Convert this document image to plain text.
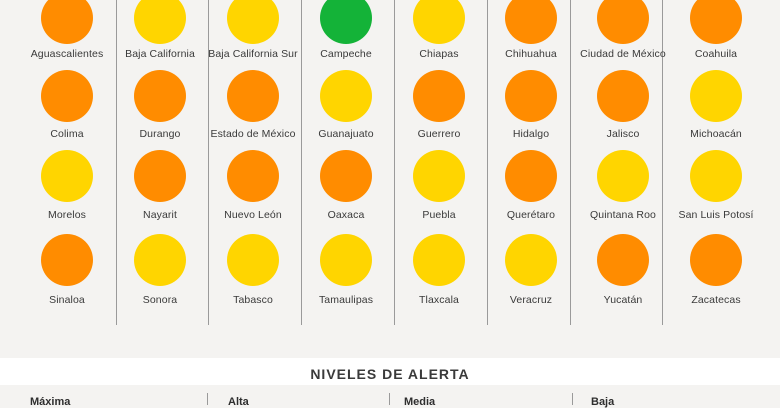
Aguascalientes	Baja California	Baja California Sur	Campeche	Chiapas	Chihuahua	Ciudad de México	Coahuila
Colima	Durango	Estado de México	Guanajuato	Guerrero	Hidalgo	Jalisco	Michoacán
Morelos	Nayarit	Nuevo León	Oaxaca	Puebla	Querétaro	Quintana Roo	San Luis Potosí
Sinaloa	Sonora	Tabasco	Tamaulipas	Tlaxcala	Veracruz	Yucatán	Zacatecas
NIVELES DE ALERTA
Máxima	Alta	Media	Baja
